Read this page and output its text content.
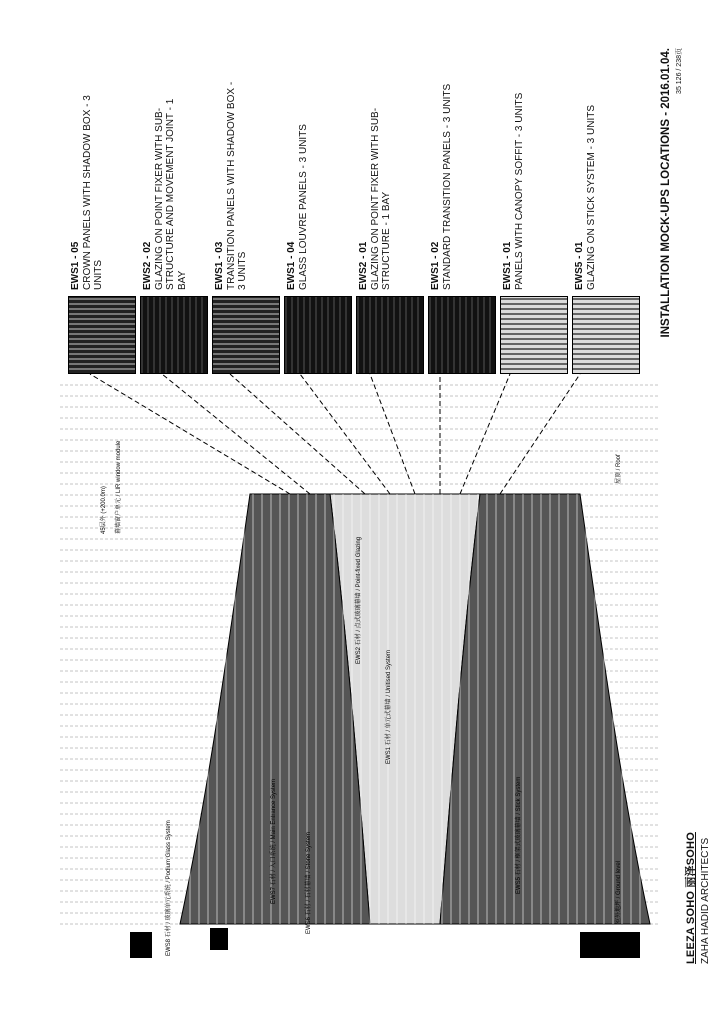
45层外 (+200.0m)	幕墙窗户单元 / LIR window module
EWS6 石材 / 石材幕墙 / Stone System
EWS7 石材 / 入口系统 / Main Entrance System
EWS8 石材 / 玻璃单元系统 / Podium Glass System	EWS5 石材 / 框架式玻璃幕墙 / Stick System
EWS2 石材 / 点式玻璃幕墙 / Point-fixed Glazing
EWS1 石材 / 单元式幕墙 / Unitised System
屋顶 / Roof
室外地坪 / Ground level
EWS1 - 05 CROWN PANELS WITH SHADOW BOX - 3 UNITS	EWS2 - 02 GLAZING ON POINT FIXER WITH SUB-STRUCTURE AND MOVEMENT JOINT - 1 BAY	EWS1 - 03 TRANSITION PANELS WITH SHADOW BOX - 3 UNITS	EWS1 - 04 GLASS LOUVRE PANELS - 3 UNITS	EWS2 - 01 GLAZING ON POINT FIXER WITH SUB-STRUCTURE - 1 BAY	EWS1 - 02 STANDARD TRANSITION PANELS - 3 UNITS	EWS1 - 01 PANELS WITH CANOPY SOFFIT - 3 UNITS	EWS5 - 01 GLAZING ON STICK SYSTEM - 3 UNITS
LEEZA SOHO 丽泽SOHO ZAHA HADID ARCHITECTS
INSTALLATION MOCK-UPS LOCATIONS - 2016.01.04. 35 126 / 238页
